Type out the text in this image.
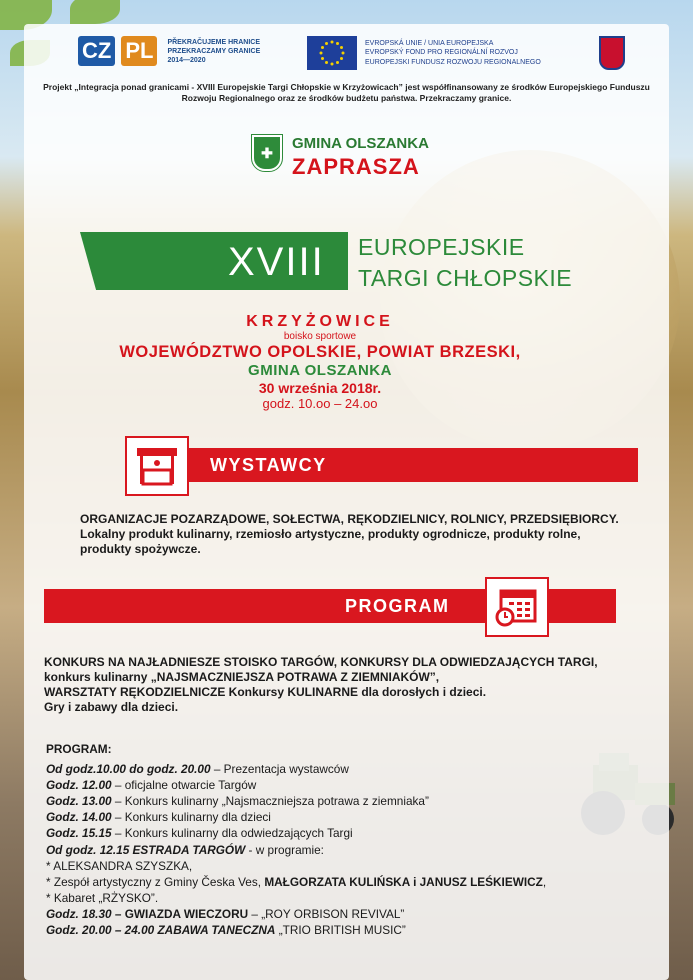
CZ PL	PŘEKRAČUJEME HRANICE
PRZEKRACZAMY GRANICE
2014—2020
EVROPSKÁ UNIE / UNIA EUROPEJSKA
EVROPSKÝ FOND PRO REGIONÁLNÍ ROZVOJ
EUROPEJSKI FUNDUSZ ROZWOJU REGIONALNEGO
Projekt „Integracja ponad granicami - XVIII Europejskie Targi Chłopskie w Krzyżowicach” jest współfinansowany ze środków Europejskiego Funduszu Rozwoju Regionalnego oraz ze środków budżetu państwa. Przekraczamy granice.
✚
GMINA OLSZANKA
ZAPRASZA
XVIII EUROPEJSKIE
TARGI CHŁOPSKIE
KRZYŻOWICE
boisko sportowe
WOJEWÓDZTWO OPOLSKIE, POWIAT BRZESKI,
GMINA OLSZANKA
30 września 2018r.
godz. 10.oo – 24.oo
WYSTAWCY
ORGANIZACJE POZARZĄDOWE, SOŁECTWA, RĘKODZIELNICY, ROLNICY, PRZEDSIĘBIORCY.
Lokalny produkt kulinarny, rzemiosło artystyczne, produkty ogrodnicze, produkty rolne,
produkty spożywcze.
PROGRAM
KONKURS NA NAJŁADNIESZE STOISKO TARGÓW, KONKURSY DLA ODWIEDZAJĄCYCH TARGI,
konkurs kulinarny „NAJSMACZNIEJSZA POTRAWA Z ZIEMNIAKÓW”,
WARSZTATY RĘKODZIELNICZE Konkursy KULINARNE dla dorosłych i dzieci.
Gry i zabawy dla dzieci.
PROGRAM:
Od godz.10.00 do godz. 20.00 – Prezentacja wystawców
Godz. 12.00 – oficjalne otwarcie Targów
Godz. 13.00 – Konkurs kulinarny „Najsmaczniejsza potrawa z ziemniaka”
Godz. 14.00 – Konkurs kulinarny dla dzieci
Godz. 15.15 – Konkurs kulinarny dla odwiedzających Targi
Od godz. 12.15 ESTRADA TARGÓW - w programie:
* ALEKSANDRA SZYSZKA,
* Zespół artystyczny z Gminy Česka Ves, MAŁGORZATA KULIŃSKA i JANUSZ LEŚKIEWICZ,
* Kabaret „RŻYSKO”.
Godz. 18.30 – GWIAZDA WIECZORU – „ROY ORBISON REVIVAL”
Godz. 20.00 – 24.00 ZABAWA TANECZNA „TRIO BRITISH MUSIC”
